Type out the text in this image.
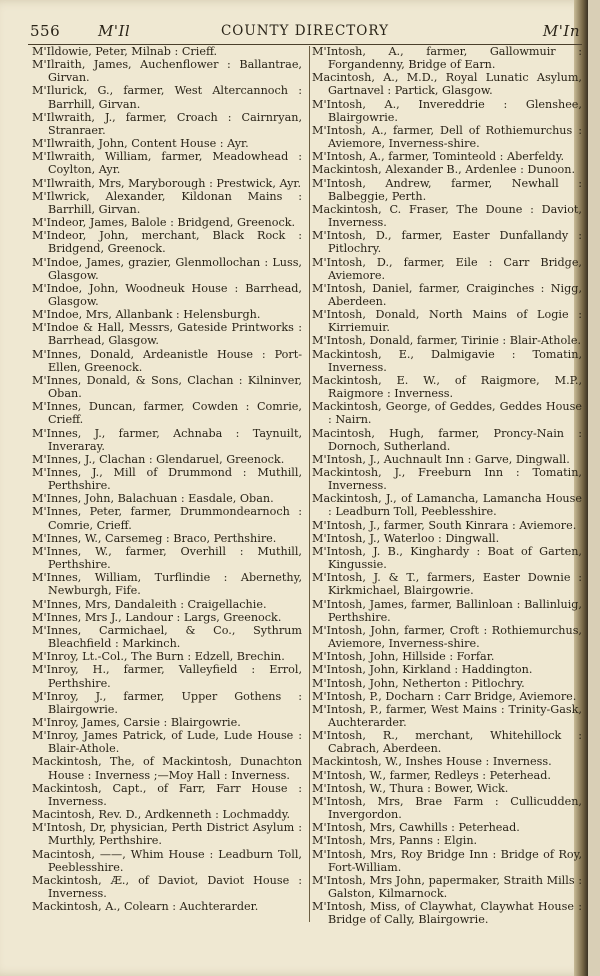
556	M'Il	COUNTY DIRECTORY	M'In

M'Ildowie, Peter, Milnab : Crieff.

M'Ilraith, James, Auchenflower : Ballantrae, Girvan.

M'Ilurick, G., farmer, West Altercannoch : Barrhill, Girvan.

M'Ilwraith, J., farmer, Croach : Cairnryan, Stranraer.

M'Ilwraith, John, Content House : Ayr.

M'Ilwraith, William, farmer, Meadowhead : Coylton, Ayr.

M'Ilwraith, Mrs, Maryborough : Prestwick, Ayr.

M'Ilwrick, Alexander, Kildonan Mains : Barrhill, Girvan.

M'Indeor, James, Balole : Bridgend, Greenock.

M'Indeor, John, merchant, Black Rock : Bridgend, Greenock.

M'Indoe, James, grazier, Glenmollochan : Luss, Glasgow.

M'Indoe, John, Woodneuk House : Barrhead, Glasgow.

M'Indoe, Mrs, Allanbank : Helensburgh.

M'Indoe & Hall, Messrs, Gateside Printworks : Barrhead, Glasgow.

M'Innes, Donald, Ardeanistle House : Port-Ellen, Greenock.

M'Innes, Donald, & Sons, Clachan : Kilninver, Oban.

M'Innes, Duncan, farmer, Cowden : Comrie, Crieff.

M'Innes, J., farmer, Achnaba : Taynuilt, Inveraray.

M'Innes, J., Clachan : Glendaruel, Greenock.

M'Innes, J., Mill of Drummond : Muthill, Perthshire.

M'Innes, John, Balachuan : Easdale, Oban.

M'Innes, Peter, farmer, Drummondearnoch : Comrie, Crieff.

M'Innes, W., Carsemeg : Braco, Perthshire.

M'Innes, W., farmer, Overhill : Muthill, Perthshire.

M'Innes, William, Turflindie : Abernethy, Newburgh, Fife.

M'Innes, Mrs, Dandaleith : Craigellachie.

M'Innes, Mrs J., Landour : Largs, Greenock.

M'Innes, Carmichael, & Co., Sythrum Bleachfield : Markinch.

M'Inroy, Lt.-Col., The Burn : Edzell, Brechin.

M'Inroy, H., farmer, Valleyfield : Errol, Perthshire.

M'Inroy, J., farmer, Upper Gothens : Blairgowrie.

M'Inroy, James, Carsie : Blairgowrie.

M'Inroy, James Patrick, of Lude, Lude House : Blair-Athole.

Mackintosh, The, of Mackintosh, Dunachton House : Inverness ;—Moy Hall : Inverness.

Mackintosh, Capt., of Farr, Farr House : Inverness.

Macintosh, Rev. D., Ardkenneth : Lochmaddy.

M'Intosh, Dr, physician, Perth District Asylum : Murthly, Perthshire.

Macintosh, ——, Whim House : Leadburn Toll, Peeblesshire.

Mackintosh, Æ., of Daviot, Daviot House : Inverness.

Mackintosh, A., Colearn : Auchterarder.

M'Intosh, A., farmer, Gallowmuir : Forgandenny, Bridge of Earn.

Macintosh, A., M.D., Royal Lunatic Asylum, Gartnavel : Partick, Glasgow.

M'Intosh, A., Invereddrie : Glenshee, Blairgowrie.

M'Intosh, A., farmer, Dell of Rothiemurchus : Aviemore, Inverness-shire.

M'Intosh, A., farmer, Tominteold : Aberfeldy.

Mackintosh, Alexander B., Ardenlee : Dunoon.

M'Intosh, Andrew, farmer, Newhall : Balbeggie, Perth.

Mackintosh, C. Fraser, The Doune : Daviot, Inverness.

M'Intosh, D., farmer, Easter Dunfallandy : Pitlochry.

M'Intosh, D., farmer, Eile : Carr Bridge, Aviemore.

M'Intosh, Daniel, farmer, Craiginches : Nigg, Aberdeen.

M'Intosh, Donald, North Mains of Logie : Kirriemuir.

M'Intosh, Donald, farmer, Tirinie : Blair-Athole.

Mackintosh, E., Dalmigavie : Tomatin, Inverness.

Mackintosh, E. W., of Raigmore, M.P., Raigmore : Inverness.

Mackintosh, George, of Geddes, Geddes House : Nairn.

Macintosh, Hugh, farmer, Proncy-Nain : Dornoch, Sutherland.

M'Intosh, J., Auchnault Inn : Garve, Dingwall.

Mackintosh, J., Freeburn Inn : Tomatin, Inverness.

Mackintosh, J., of Lamancha, Lamancha House : Leadburn Toll, Peeblesshire.

M'Intosh, J., farmer, South Kinrara : Aviemore.

M'Intosh, J., Waterloo : Dingwall.

M'Intosh, J. B., Kinghardy : Boat of Garten, Kingussie.

M'Intosh, J. & T., farmers, Easter Downie : Kirkmichael, Blairgowrie.

M'Intosh, James, farmer, Ballinloan : Ballinluig, Perthshire.

M'Intosh, John, farmer, Croft : Rothiemurchus, Aviemore, Inverness-shire.

M'Intosh, John, Hillside : Forfar.

M'Intosh, John, Kirkland : Haddington.

M'Intosh, John, Netherton : Pitlochry.

M'Intosh, P., Docharn : Carr Bridge, Aviemore.

M'Intosh, P., farmer, West Mains : Trinity-Gask, Auchterarder.

M'Intosh, R., merchant, Whitehillock : Cabrach, Aberdeen.

Mackintosh, W., Inshes House : Inverness.

M'Intosh, W., farmer, Redleys : Peterhead.

M'Intosh, W., Thura : Bower, Wick.

M'Intosh, Mrs, Brae Farm : Cullicudden, Invergordon.

M'Intosh, Mrs, Cawhills : Peterhead.

M'Intosh, Mrs, Panns : Elgin.

M'Intosh, Mrs, Roy Bridge Inn : Bridge of Roy, Fort-William.

M'Intosh, Mrs John, papermaker, Straith Mills : Galston, Kilmarnock.

M'Intosh, Miss, of Claywhat, Claywhat House : Bridge of Cally, Blairgowrie.
